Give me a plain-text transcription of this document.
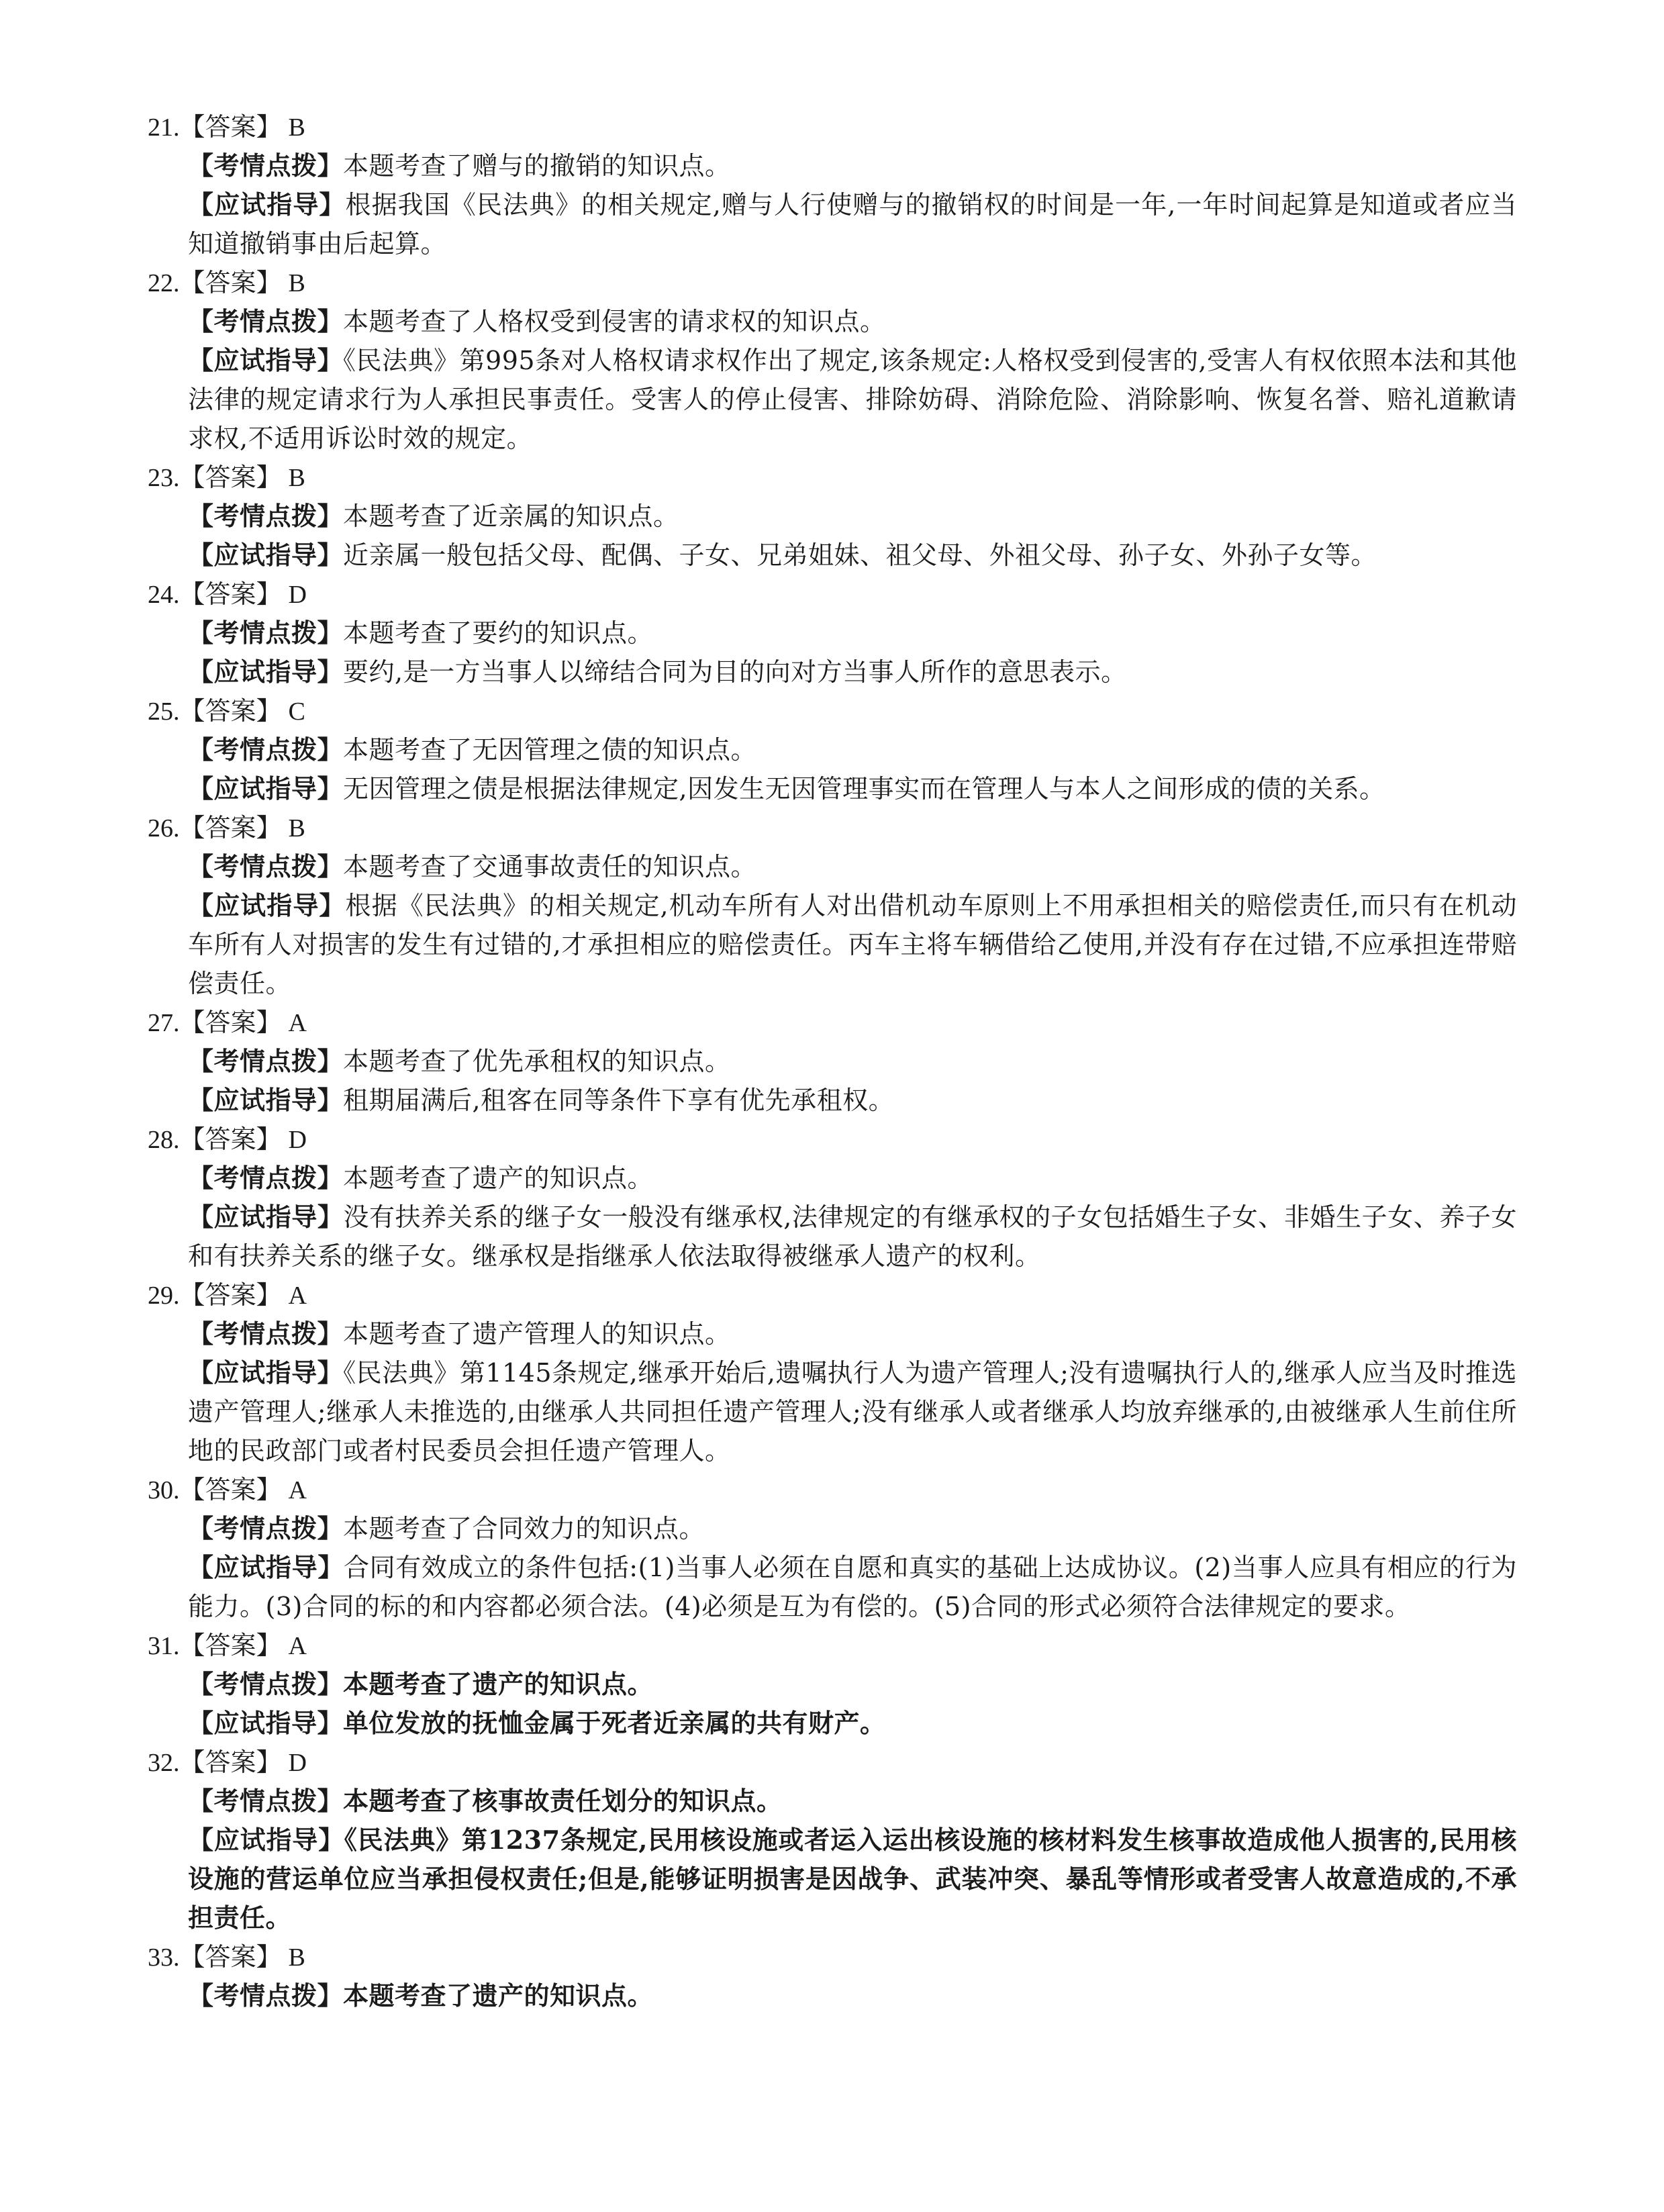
21.【答案】 B
【考情点拨】本题考查了赠与的撤销的知识点。
【应试指导】根据我国《民法典》的相关规定,赠与人行使赠与的撤销权的时间是一年,一年时间起算是知道或者应当知道撤销事由后起算。
22.【答案】 B
【考情点拨】本题考查了人格权受到侵害的请求权的知识点。
【应试指导】《民法典》第995条对人格权请求权作出了规定,该条规定:人格权受到侵害的,受害人有权依照本法和其他法律的规定请求行为人承担民事责任。受害人的停止侵害、排除妨碍、消除危险、消除影响、恢复名誉、赔礼道歉请求权,不适用诉讼时效的规定。
23.【答案】 B
【考情点拨】本题考查了近亲属的知识点。
【应试指导】近亲属一般包括父母、配偶、子女、兄弟姐妹、祖父母、外祖父母、孙子女、外孙子女等。
24.【答案】 D
【考情点拨】本题考查了要约的知识点。
【应试指导】要约,是一方当事人以缔结合同为目的向对方当事人所作的意思表示。
25.【答案】 C
【考情点拨】本题考查了无因管理之债的知识点。
【应试指导】无因管理之债是根据法律规定,因发生无因管理事实而在管理人与本人之间形成的债的关系。
26.【答案】 B
【考情点拨】本题考查了交通事故责任的知识点。
【应试指导】根据《民法典》的相关规定,机动车所有人对出借机动车原则上不用承担相关的赔偿责任,而只有在机动车所有人对损害的发生有过错的,才承担相应的赔偿责任。丙车主将车辆借给乙使用,并没有存在过错,不应承担连带赔偿责任。
27.【答案】 A
【考情点拨】本题考查了优先承租权的知识点。
【应试指导】租期届满后,租客在同等条件下享有优先承租权。
28.【答案】 D
【考情点拨】本题考查了遗产的知识点。
【应试指导】没有扶养关系的继子女一般没有继承权,法律规定的有继承权的子女包括婚生子女、非婚生子女、养子女和有扶养关系的继子女。继承权是指继承人依法取得被继承人遗产的权利。
29.【答案】 A
【考情点拨】本题考查了遗产管理人的知识点。
【应试指导】《民法典》第1145条规定,继承开始后,遗嘱执行人为遗产管理人;没有遗嘱执行人的,继承人应当及时推选遗产管理人;继承人未推选的,由继承人共同担任遗产管理人;没有继承人或者继承人均放弃继承的,由被继承人生前住所地的民政部门或者村民委员会担任遗产管理人。
30.【答案】 A
【考情点拨】本题考查了合同效力的知识点。
【应试指导】合同有效成立的条件包括:(1)当事人必须在自愿和真实的基础上达成协议。(2)当事人应具有相应的行为能力。(3)合同的标的和内容都必须合法。(4)必须是互为有偿的。(5)合同的形式必须符合法律规定的要求。
31.【答案】 A
【考情点拨】本题考查了遗产的知识点。
【应试指导】单位发放的抚恤金属于死者近亲属的共有财产。
32.【答案】 D
【考情点拨】本题考查了核事故责任划分的知识点。
【应试指导】《民法典》第1237条规定,民用核设施或者运入运出核设施的核材料发生核事故造成他人损害的,民用核设施的营运单位应当承担侵权责任;但是,能够证明损害是因战争、武装冲突、暴乱等情形或者受害人故意造成的,不承担责任。
33.【答案】 B
【考情点拨】本题考查了遗产的知识点。
